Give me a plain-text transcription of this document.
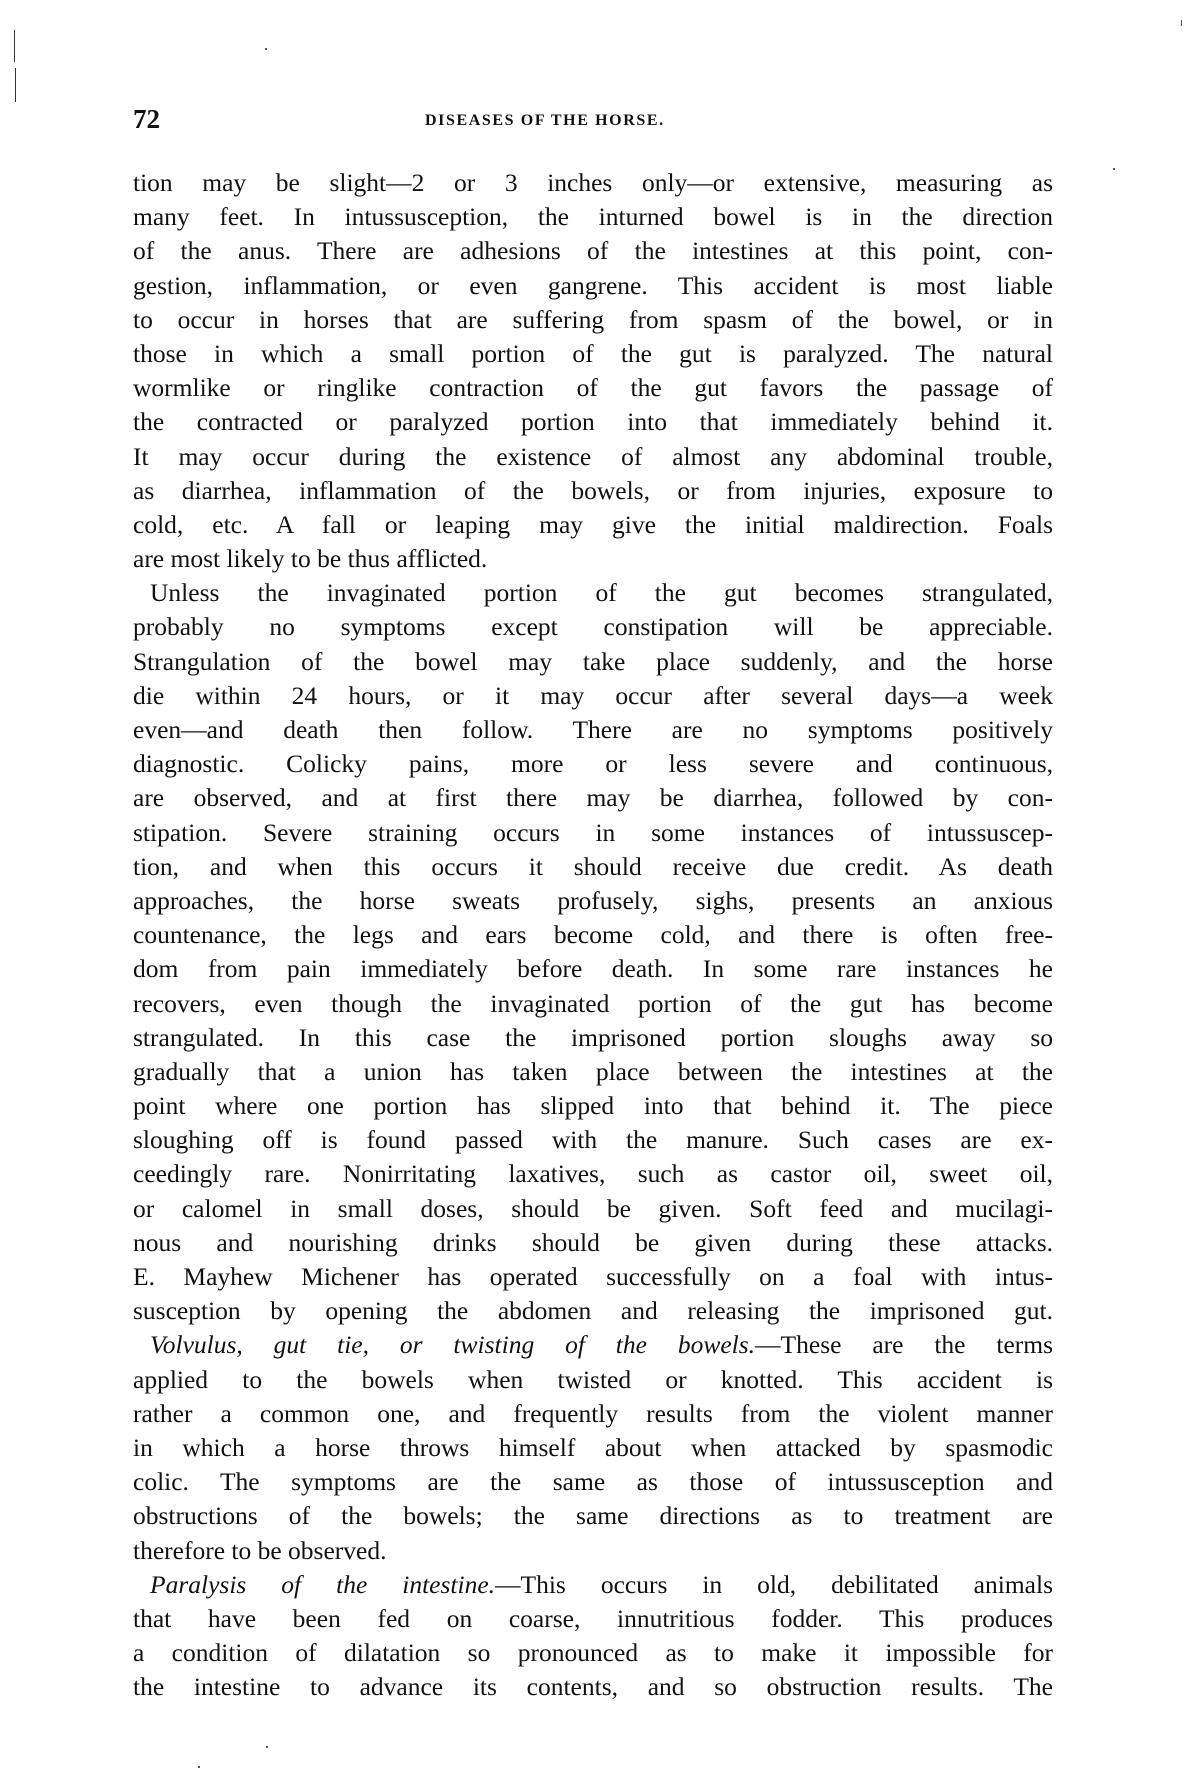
72	DISEASES OF THE HORSE.
tion may be slight—2 or 3 inches only—or extensive, measuring as
many feet. In intussusception, the inturned bowel is in the direction
of the anus. There are adhesions of the intestines at this point, con-
gestion, inflammation, or even gangrene. This accident is most liable
to occur in horses that are suffering from spasm of the bowel, or in
those in which a small portion of the gut is paralyzed. The natural
wormlike or ringlike contraction of the gut favors the passage of
the contracted or paralyzed portion into that immediately behind it.
It may occur during the existence of almost any abdominal trouble,
as diarrhea, inflammation of the bowels, or from injuries, exposure to
cold, etc. A fall or leaping may give the initial maldirection. Foals
are most likely to be thus afflicted.
Unless the invaginated portion of the gut becomes strangulated,
probably no symptoms except constipation will be appreciable.
Strangulation of the bowel may take place suddenly, and the horse
die within 24 hours, or it may occur after several days—a week
even—and death then follow. There are no symptoms positively
diagnostic. Colicky pains, more or less severe and continuous,
are observed, and at first there may be diarrhea, followed by con-
stipation. Severe straining occurs in some instances of intussuscep-
tion, and when this occurs it should receive due credit. As death
approaches, the horse sweats profusely, sighs, presents an anxious
countenance, the legs and ears become cold, and there is often free-
dom from pain immediately before death. In some rare instances he
recovers, even though the invaginated portion of the gut has become
strangulated. In this case the imprisoned portion sloughs away so
gradually that a union has taken place between the intestines at the
point where one portion has slipped into that behind it. The piece
sloughing off is found passed with the manure. Such cases are ex-
ceedingly rare. Nonirritating laxatives, such as castor oil, sweet oil,
or calomel in small doses, should be given. Soft feed and mucilagi-
nous and nourishing drinks should be given during these attacks.
E. Mayhew Michener has operated successfully on a foal with intus-
susception by opening the abdomen and releasing the imprisoned gut.
Volvulus, gut tie, or twisting of the bowels.—These are the terms
applied to the bowels when twisted or knotted. This accident is
rather a common one, and frequently results from the violent manner
in which a horse throws himself about when attacked by spasmodic
colic. The symptoms are the same as those of intussusception and
obstructions of the bowels; the same directions as to treatment are
therefore to be observed.
Paralysis of the intestine.—This occurs in old, debilitated animals
that have been fed on coarse, innutritious fodder. This produces
a condition of dilatation so pronounced as to make it impossible for
the intestine to advance its contents, and so obstruction results. The
